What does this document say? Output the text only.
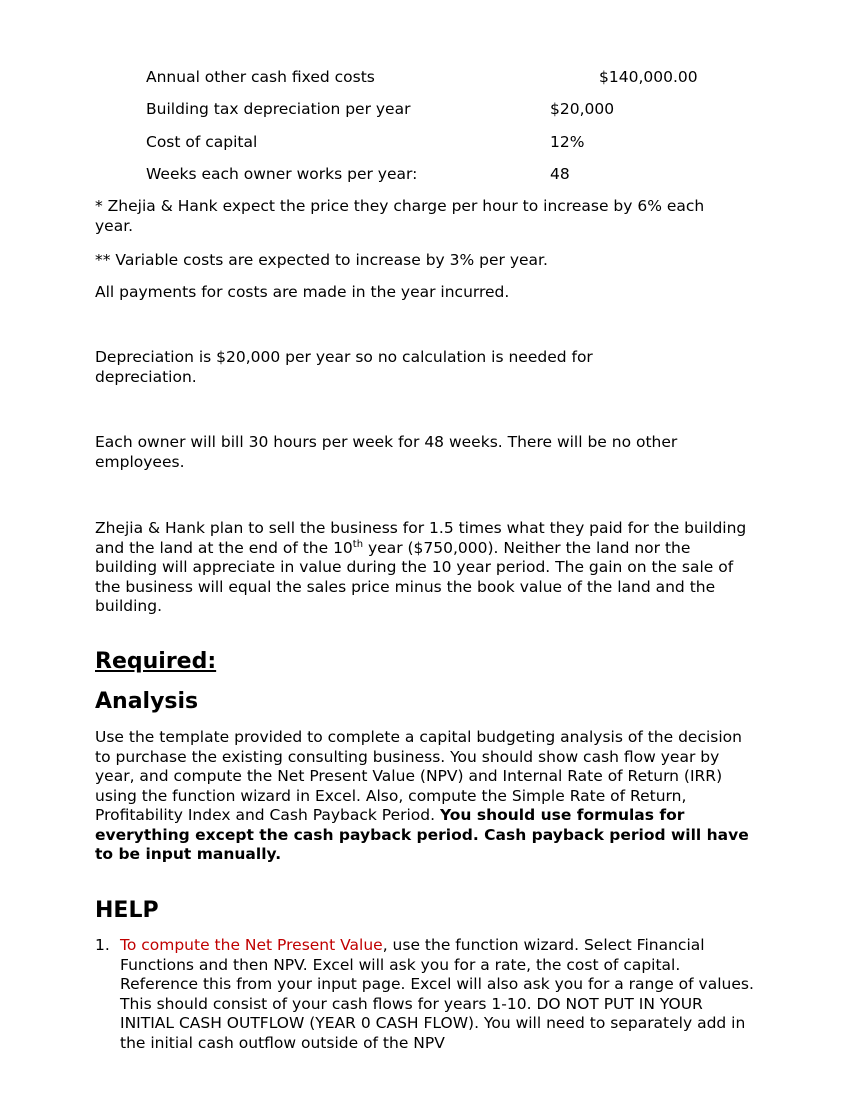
Annual other cash fixed costs	$140,000.00
Building tax depreciation per year	$20,000
Cost of capital	12%
Weeks each owner works per year:	48

* Zhejia & Hank expect the price they charge per hour to increase by 6% each year.

** Variable costs are expected to increase by 3% per year.

All payments for costs are made in the year incurred.

Depreciation is $20,000 per year so no calculation is needed for depreciation.

Each owner will bill 30 hours per week for 48 weeks. There will be no other employees.

Zhejia & Hank plan to sell the business for 1.5 times what they paid for the building and the land at the end of the 10th year ($750,000). Neither the land nor the building will appreciate in value during the 10 year period. The gain on the sale of the business will equal the sales price minus the book value of the land and the building.

Required:
Analysis

Use the template provided to complete a capital budgeting analysis of the decision to purchase the existing consulting business. You should show cash flow year by year, and compute the Net Present Value (NPV) and Internal Rate of Return (IRR) using the function wizard in Excel. Also, compute the Simple Rate of Return, Profitability Index and Cash Payback Period. You should use formulas for everything except the cash payback period. Cash payback period will have to be input manually.

HELP
1. To compute the Net Present Value, use the function wizard. Select Financial Functions and then NPV. Excel will ask you for a rate, the cost of capital. Reference this from your input page. Excel will also ask you for a range of values. This should consist of your cash flows for years 1-10. DO NOT PUT IN YOUR INITIAL CASH OUTFLOW (YEAR 0 CASH FLOW). You will need to separately add in the initial cash outflow outside of the NPV
